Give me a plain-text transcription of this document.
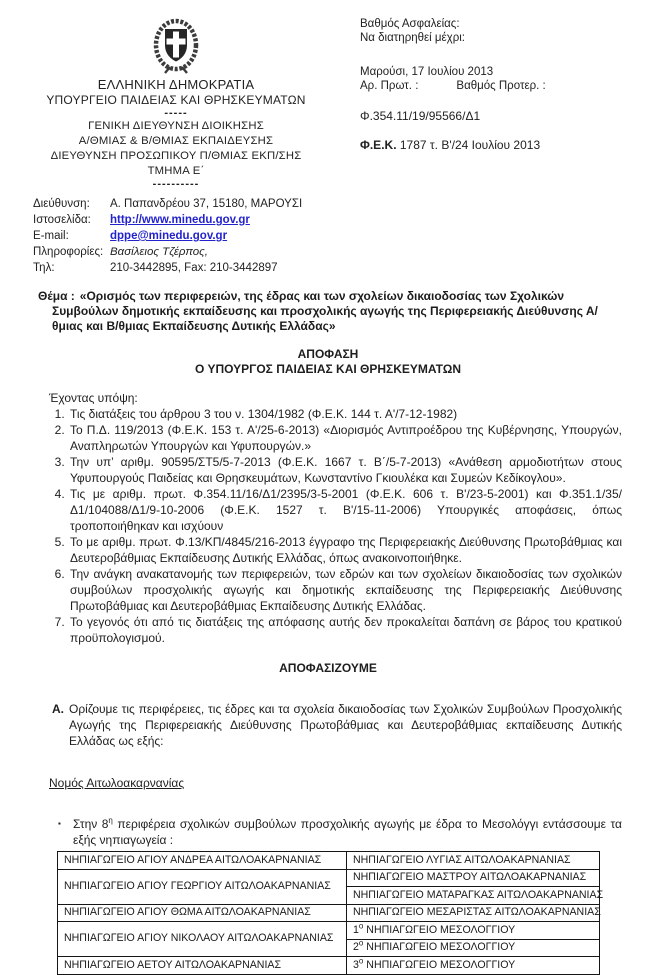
ΕΛΛΗΝΙΚΗ ΔΗΜΟΚΡΑΤΙΑ
ΥΠΟΥΡΓΕΙΟ ΠΑΙΔΕΙΑΣ ΚΑΙ ΘΡΗΣΚΕΥΜΑΤΩΝ
-----
ΓΕΝΙΚΗ ΔΙΕΥΘΥΝΣΗ ΔΙΟΙΚΗΣΗΣ
Α/ΘΜΙΑΣ & Β/ΘΜΙΑΣ ΕΚΠΑΙΔΕΥΣΗΣ
ΔΙΕΥΘΥΝΣΗ ΠΡΟΣΩΠΙΚΟΥ Π/ΘΜΙΑΣ ΕΚΠ/ΣΗΣ
ΤΜΗΜΑ Ε΄
----------
Βαθμός Ασφαλείας:
Να διατηρηθεί μέχρι:
Μαρούσι, 17 Ιουλίου 2013
Αρ. Πρωτ. :	Βαθμός Προτερ. :
Φ.354.11/19/95566/Δ1
Φ.Ε.Κ. 1787 τ. Β'/24 Ιουλίου 2013
Διεύθυνση:	Α. Παπανδρέου 37, 15180, ΜΑΡΟΥΣΙ
Ιστοσελίδα:	http://www.minedu.gov.gr
E-mail:	dppe@minedu.gov.gr
Πληροφορίες: Βασίλειος Τζέρπος,
Τηλ:	210-3442895, Fax: 210-3442897
Θέμα : «Ορισμός των περιφερειών, της έδρας και των σχολείων δικαιοδοσίας των Σχολικών Συμβούλων δημοτικής εκπαίδευσης και προσχολικής αγωγής της Περιφερειακής Διεύθυνσης Α/θμιας και Β/θμιας Εκπαίδευσης Δυτικής Ελλάδας»
ΑΠΟΦΑΣΗ
Ο ΥΠΟΥΡΓΟΣ ΠΑΙΔΕΙΑΣ ΚΑΙ ΘΡΗΣΚΕΥΜΑΤΩΝ
Έχοντας υπόψη:
1. Τις διατάξεις του άρθρου 3 του ν. 1304/1982 (Φ.Ε.Κ. 144 τ. Α'/7-12-1982)
2. Το Π.Δ. 119/2013 (Φ.Ε.Κ. 153 τ. Α'/25-6-2013) «Διορισμός Αντιπροέδρου της Κυβέρνησης, Υπουργών, Αναπληρωτών Υπουργών και Υφυπουργών.»
3. Την υπ’ αριθμ. 90595/ΣΤ5/5-7-2013 (Φ.Ε.Κ. 1667 τ. Β΄/5-7-2013) «Ανάθεση αρμοδιοτήτων στους Υφυπουργούς Παιδείας και Θρησκευμάτων, Κωνσταντίνο Γκιουλέκα και Συμεών Κεδίκογλου».
4. Τις με αριθμ. πρωτ. Φ.354.11/16/Δ1/2395/3-5-2001 (Φ.Ε.Κ. 606 τ. Β'/23-5-2001) και Φ.351.1/35/Δ1/104088/Δ1/9-10-2006 (Φ.Ε.Κ. 1527 τ. Β'/15-11-2006) Υπουργικές αποφάσεις, όπως τροποποιήθηκαν και ισχύουν
5. Το με αριθμ. πρωτ. Φ.13/ΚΠ/4845/216-2013 έγγραφο της Περιφερειακής Διεύθυνσης Πρωτοβάθμιας και Δευτεροβάθμιας Εκπαίδευσης Δυτικής Ελλάδας, όπως ανακοινοποιήθηκε.
6. Την ανάγκη ανακατανομής των περιφερειών, των εδρών και των σχολείων δικαιοδοσίας των σχολικών συμβούλων προσχολικής αγωγής και δημοτικής εκπαίδευσης της Περιφερειακής Διεύθυνσης Πρωτοβάθμιας και Δευτεροβάθμιας Εκπαίδευσης Δυτικής Ελλάδας.
7. Το γεγονός ότι από τις διατάξεις της απόφασης αυτής δεν προκαλείται δαπάνη σε βάρος του κρατικού προϋπολογισμού.
ΑΠΟΦΑΣΙΖΟΥΜΕ
Α. Ορίζουμε τις περιφέρειες, τις έδρες και τα σχολεία δικαιοδοσίας των Σχολικών Συμβούλων Προσχολικής Αγωγής της Περιφερειακής Διεύθυνσης Πρωτοβάθμιας και Δευτεροβάθμιας εκπαίδευσης Δυτικής Ελλάδας ως εξής:
Νομός Αιτωλοακαρνανίας
▪	Στην $8^\eta$ περιφέρεια σχολικών συμβούλων προσχολικής αγωγής με έδρα το Μεσολόγγι εντάσσουμε τα εξής νηπιαγωγεία :
ΝΗΠΙΑΓΩΓΕΙΟ ΑΓΙΟΥ ΑΝΔΡΕΑ ΑΙΤΩΛΟΑΚΑΡΝΑΝΙΑΣ	ΝΗΠΙΑΓΩΓΕΙΟ ΛΥΓΙΑΣ ΑΙΤΩΛΟΑΚΑΡΝΑΝΙΑΣ

ΝΗΠΙΑΓΩΓΕΙΟ ΑΓΙΟΥ ΓΕΩΡΓΙΟΥ ΑΙΤΩΛΟΑΚΑΡΝΑΝΙΑΣ	ΝΗΠΙΑΓΩΓΕΙΟ ΜΑΣΤΡΟΥ ΑΙΤΩΛΟΑΚΑΡΝΑΝΙΑΣ
	ΝΗΠΙΑΓΩΓΕΙΟ ΜΑΤΑΡΑΓΚΑΣ ΑΙΤΩΛΟΑΚΑΡΝΑΝΙΑΣ
ΝΗΠΙΑΓΩΓΕΙΟ ΑΓΙΟΥ ΘΩΜΑ ΑΙΤΩΛΟΑΚΑΡΝΑΝΙΑΣ	ΝΗΠΙΑΓΩΓΕΙΟ ΜΕΣΑΡΙΣΤΑΣ ΑΙΤΩΛΟΑΚΑΡΝΑΝΙΑΣ

ΝΗΠΙΑΓΩΓΕΙΟ ΑΓΙΟΥ ΝΙΚΟΛΑΟΥ ΑΙΤΩΛΟΑΚΑΡΝΑΝΙΑΣ	$1^o$ ΝΗΠΙΑΓΩΓΕΙΟ ΜΕΣΟΛΟΓΓΙΟΥ
	$2^o$ ΝΗΠΙΑΓΩΓΕΙΟ ΜΕΣΟΛΟΓΓΙΟΥ
ΝΗΠΙΑΓΩΓΕΙΟ ΑΕΤΟΥ ΑΙΤΩΛΟΑΚΑΡΝΑΝΙΑΣ	$3^o$ ΝΗΠΙΑΓΩΓΕΙΟ ΜΕΣΟΛΟΓΓΙΟΥ
